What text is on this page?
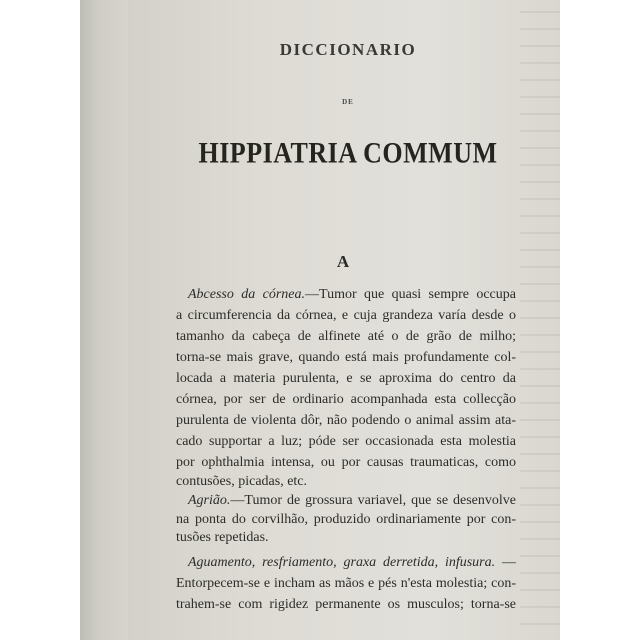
DICCIONARIO
DE
HIPPIATRIA COMMUM
A
Abcesso da córnea.—Tumor que quasi sempre occupa
a circumferencia da córnea, e cuja grandeza varía desde o
tamanho da cabeça de alfinete até o de grão de milho;
torna-se mais grave, quando está mais profundamente col-
locada a materia purulenta, e se aproxima do centro da
córnea, por ser de ordinario acompanhada esta collecção
purulenta de violenta dôr, não podendo o animal assim ata-
cado supportar a luz; póde ser occasionada esta molestia
por ophthalmia intensa, ou por causas traumaticas, como
contusões, picadas, etc.
Agrião.—Tumor de grossura variavel, que se desenvolve
na ponta do corvilhão, produzido ordinariamente por con-
tusões repetidas.
Aguamento, resfriamento, graxa derretida, infusura. —
Entorpecem-se e incham as mãos e pés n'esta molestia; con-
trahem-se com rigidez permanente os musculos; torna-se
